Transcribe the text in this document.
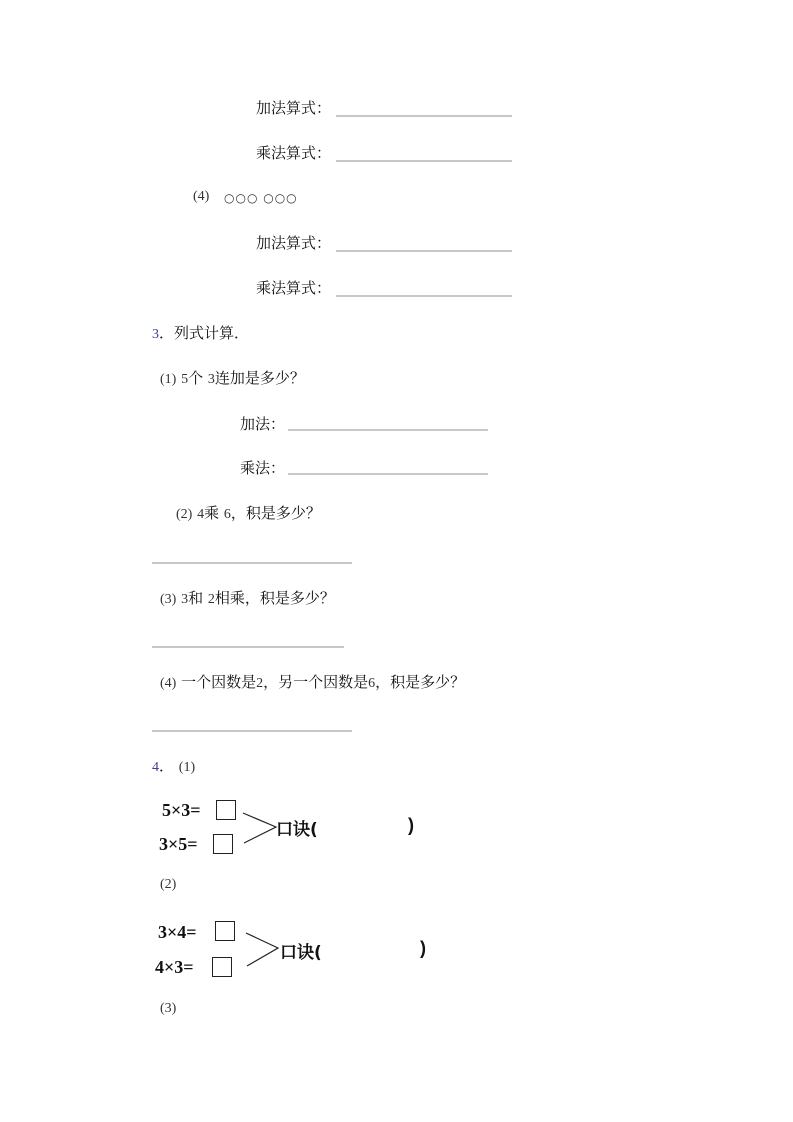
加法算式：
乘法算式：
(4) ○○○ ○○○
加法算式：
乘法算式：
3．列式计算．
(1) 5个 3连加是多少？
加法：
乘法：
(2) 4乘 6，积是多少？
(3) 3和 2相乘，积是多少？
(4) 一个因数是2，另一个因数是6，积是多少？
4． (1)
5×3=
3×5=
口诀(	)
(2)
3×4=
4×3=
口诀(	)
(3)
